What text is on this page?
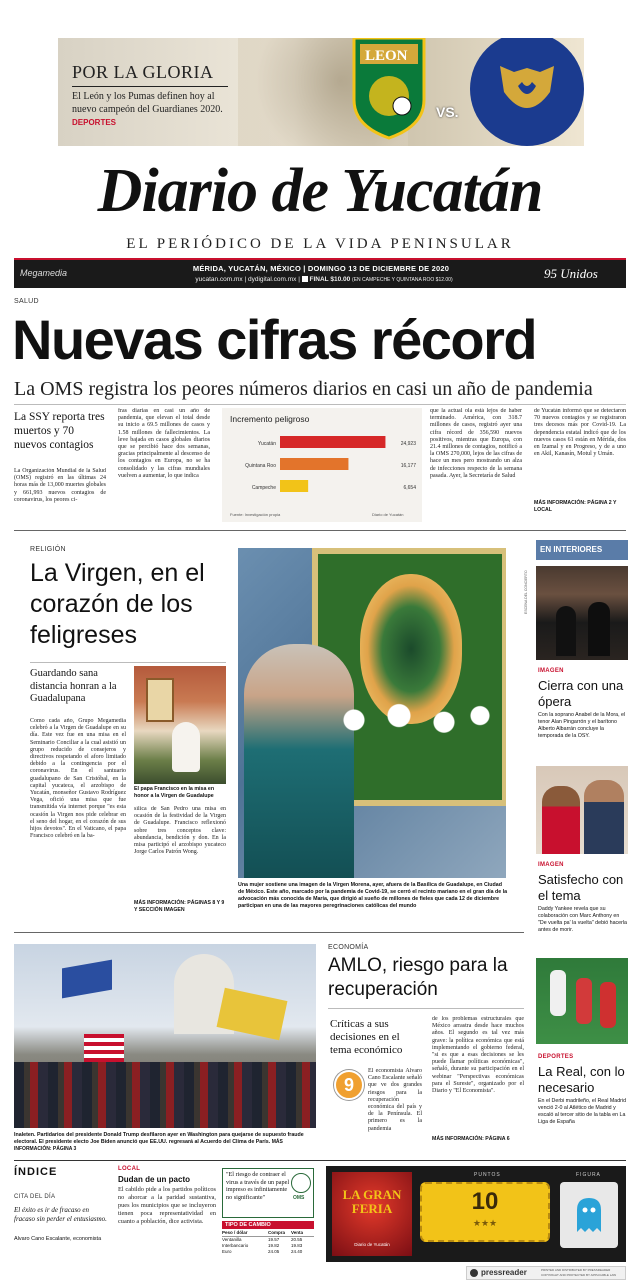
POR LA GLORIA
El León y los Pumas definen hoy al nuevo campeón del Guardianes 2020. DEPORTES
LEON
VS.
Diario de Yucatán
EL PERIÓDICO DE LA VIDA PENINSULAR
Megamedia	MÉRIDA, YUCATÁN, MÉXICO | DOMINGO 13 DE DICIEMBRE DE 2020
yucatan.com.mx | dydigital.com.mx | FINAL $10.00 (EN CAMPECHE Y QUINTANA ROO $12.00)	95 Unidos
SALUD
Nuevas cifras récord
La OMS registra los peores números diarios en casi un año de pandemia
La SSY reporta tres muertos y 70 nuevos contagios
La Organización Mundial de la Salud (OMS) registró en las últimas 24 horas más de 13,000 muertes globales y 661,993 nuevos contagios de coronavirus, los peores ci-
fras diarias en casi un año de pandemia, que elevan el total desde su inicio a 69.5 millones de casos y 1.58 millones de fallecimientos. La leve bajada en casos globales diarios que se percibió hace dos semanas, gracias principalmente al descenso de los contagios en Europa, no se ha consolidado y las cifras mundiales vuelven a aumentar, lo que indica
Incremento peligroso
Yucatán	24,923
Quintana Roo	16,177
Campeche	6,654
Fuente: Investigación propia	Diario de Yucatán
que la actual ola está lejos de haber terminado. América, con 318.7 millones de casos, registró ayer una cifra récord de 356,590 nuevos positivos, mientras que Europa, con 21.4 millones de contagios, notificó a la OMS 270,000, lejos de las cifras de hace un mes pero mostrando un alza de infecciones respecto de la semana pasada. Ayer, la Secretaría de Salud
de Yucatán informó que se detectaron 70 nuevos contagios y se registraron tres decesos más por Covid-19. La dependencia estatal indicó que de los nuevos casos 61 están en Mérida, dos en Izamal y en Progreso, y de a uno en Akil, Kanasín, Motul y Umán.
MÁS INFORMACIÓN: PÁGINA 2 Y LOCAL
RELIGIÓN
La Virgen, en el corazón de los feligreses
Guardando sana distancia honran a la Guadalupana
Como cada año, Grupo Megamedia celebró a la Virgen de Guadalupe en su día. Este vez fue en una misa en el Seminario Conciliar a la cual asistió un grupo reducido de consejeros y directivos respetando el aforo limitado debido a la contingencia por el coronavirus. En el santuario guadalupano de San Cristóbal, en la capital yucateca, el arzobispo de Yucatán, monseñor Gustavo Rodríguez Vega, ofició una misa que fue transmitida vía internet porque "es esta ocasión la Virgen nos pide celebrar en el seno del hogar, en el corazón de sus hijos devotos". En el Vaticano, el papa Francisco celebró en la ba-
El papa Francisco en la misa en honor a la Virgen de Guadalupe
sílica de San Pedro una misa en ocasión de la festividad de la Virgen de Guadalupe. Francisco reflexionó sobre tres conceptos clave: abundancia, bendición y don. En la misa participó el arzobispo yucateco Jorge Carlos Patrón Wong.
MÁS INFORMACIÓN: PÁGINAS 8 Y 9 Y SECCIÓN IMAGEN
Una mujer sostiene una imagen de la Virgen Morena, ayer, afuera de la Basílica de Guadalupe, en Ciudad de México. Este año, marcado por la pandemia de Covid-19, se cerró el recinto mariano en el gran día de la advocación más conocida de María, que dirigió al sueño de millones de fieles que cada 12 de diciembre participan en una de las mayores peregrinaciones católicas del mundo
EN INTERIORES
ESCENA DEL CONCIERTO
IMAGEN
Cierra con una ópera
Con la soprano Anabel de la Mora, el tenor Alan Pingarrón y el barítono Alberto Albarrán concluye la temporada de la OSY.
IMAGEN
Satisfecho con el tema
Daddy Yankee revela que su colaboración con Marc Anthony en "De vuelta pa' la vuelta" debió hacerla antes de morir.
DEPORTES
La Real, con lo necesario
En el Derbi madrileño, el Real Madrid venció 2-0 al Atlético de Madrid y escaló al tercer sitio de la tabla en La Liga de España
Inaleten. Partidarios del presidente Donald Trump desfilaron ayer en Washington para quejarse de supuesto fraude electoral. El presidente electo Joe Biden anunció que EE.UU. regresará al Acuerdo del Clima de París. MÁS INFORMACIÓN: PÁGINA 3
ECONOMÍA
AMLO, riesgo para la recuperación
Críticas a sus decisiones en el tema económico
9
El economista Álvaro Cano Escalante señaló que ve dos grandes riesgos para la recuperación económica del país y de la Península. El primero es la pandemia
de los problemas estructurales que México arrastra desde hace muchos años. El segundo es tal vez más grave: la política económica que está implementando el gobierno federal, "si es que a esas decisiones se les puede llamar políticas económicas", señaló, durante su participación en el webinar "Perspectivas económicas para el Sureste", organizado por el Diario y "El Economista".
MÁS INFORMACIÓN: PÁGINA 6
ÍNDICE
CITA DEL DÍA
El éxito es ir de fracaso en fracaso sin perder el entusiasmo.
Alvaro Cano Escalante, economista
LOCAL
Dudan de un pacto
El cabildo pide a los partidos políticos no ahorcar a la paridad sustantiva, pues los municipios que se incluyeron tienen poca representatividad en cuanto a población, dice activista.
"El riesgo de contraer el virus a través de un papel impreso es infinitamente no significante"	OMS
TIPO DE CAMBIO
Peso / dólar	Compra	Venta
Ventanilla	19.57	20.55
Interbancario	19.82	19.83
Euro	24.05	24.40
LA GRAN FERIA
Diario de Yucatán
PUNTOS
10
★★★
FIGURA
pressreader	PRINTED AND DISTRIBUTED BY PRESSREADER
COPYRIGHT AND PROTECTED BY APPLICABLE LAW
